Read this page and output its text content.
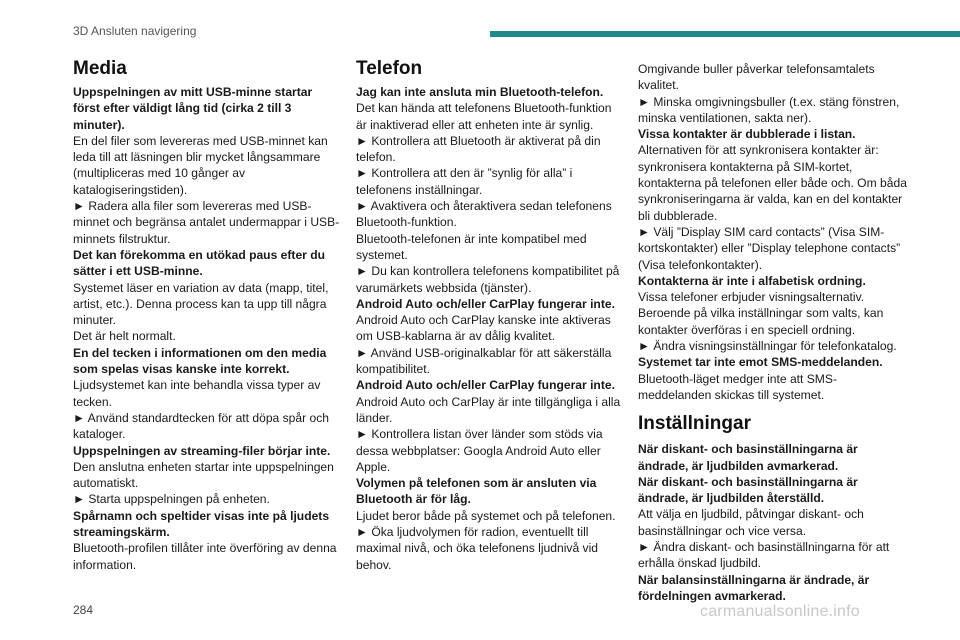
3D Ansluten navigering
Media

Uppspelningen av mitt USB-minne startar först efter väldigt lång tid (cirka 2 till 3 minuter).

En del filer som levereras med USB-minnet kan leda till att läsningen blir mycket långsammare (multipliceras med 10 gånger av katalogiseringstiden).

► Radera alla filer som levereras med USB-minnet och begränsa antalet undermappar i USB-minnets filstruktur.

Det kan förekomma en utökad paus efter du sätter i ett USB-minne.

Systemet läser en variation av data (mapp, titel, artist, etc.). Denna process kan ta upp till några minuter.

Det är helt normalt.

En del tecken i informationen om den media som spelas visas kanske inte korrekt.

Ljudsystemet kan inte behandla vissa typer av tecken.

► Använd standardtecken för att döpa spår och kataloger.

Uppspelningen av streaming-filer börjar inte.

Den anslutna enheten startar inte uppspelningen automatiskt.

► Starta uppspelningen på enheten.

Spårnamn och speltider visas inte på ljudets streamingskärm.

Bluetooth-profilen tillåter inte överföring av denna information.

Telefon

Jag kan inte ansluta min Bluetooth-telefon.

Det kan hända att telefonens Bluetooth-funktion är inaktiverad eller att enheten inte är synlig.

► Kontrollera att Bluetooth är aktiverat på din telefon.

► Kontrollera att den är ”synlig för alla” i telefonens inställningar.

► Avaktivera och återaktivera sedan telefonens Bluetooth-funktion.

Bluetooth-telefonen är inte kompatibel med systemet.

► Du kan kontrollera telefonens kompatibilitet på varumärkets webbsida (tjänster).

Android Auto och/eller CarPlay fungerar inte.

Android Auto och CarPlay kanske inte aktiveras om USB-kablarna är av dålig kvalitet.

► Använd USB-originalkablar för att säkerställa kompatibilitet.

Android Auto och/eller CarPlay fungerar inte.

Android Auto och CarPlay är inte tillgängliga i alla länder.

► Kontrollera listan över länder som stöds via dessa webbplatser: Googla Android Auto eller Apple.

Volymen på telefonen som är ansluten via Bluetooth är för låg.

Ljudet beror både på systemet och på telefonen.

► Öka ljudvolymen för radion, eventuellt till maximal nivå, och öka telefonens ljudnivå vid behov.

Omgivande buller påverkar telefonsamtalets kvalitet.

► Minska omgivningsbuller (t.ex. stäng fönstren, minska ventilationen, sakta ner).

Vissa kontakter är dubblerade i listan.

Alternativen för att synkronisera kontakter är: synkronisera kontakterna på SIM-kortet, kontakterna på telefonen eller både och. Om båda synkroniseringarna är valda, kan en del kontakter bli dubblerade.

► Välj ”Display SIM card contacts” (Visa SIM-kortskontakter) eller ”Display telephone contacts” (Visa telefonkontakter).

Kontakterna är inte i alfabetisk ordning.

Vissa telefoner erbjuder visningsalternativ. Beroende på vilka inställningar som valts, kan kontakter överföras i en speciell ordning.

► Ändra visningsinställningar för telefonkatalog.

Systemet tar inte emot SMS-meddelanden.

Bluetooth-läget medger inte att SMS-meddelanden skickas till systemet.

Inställningar

När diskant- och basinställningarna är ändrade, är ljudbilden avmarkerad.

När diskant- och basinställningarna är ändrade, är ljudbilden återställd.

Att välja en ljudbild, påtvingar diskant- och basinställningar och vice versa.

► Ändra diskant- och basinställningarna för att erhålla önskad ljudbild.

När balansinställningarna är ändrade, är fördelningen avmarkerad.

284	carmanualsonline.info
